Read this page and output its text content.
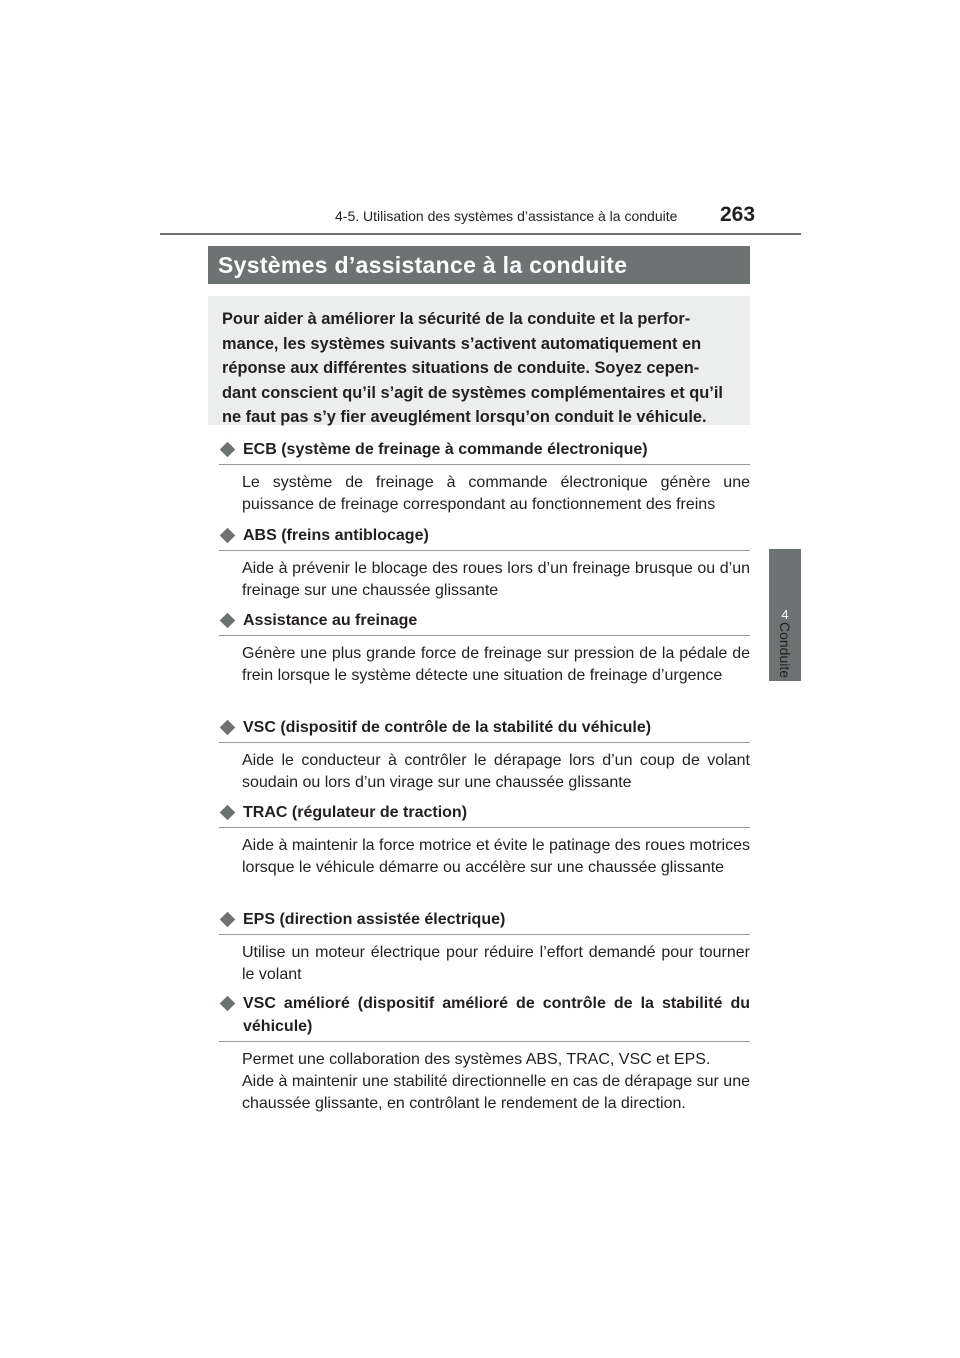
4-5. Utilisation des systèmes d’assistance à la conduite 263
4
Conduite
Systèmes d’assistance à la conduite
Pour aider à améliorer la sécurité de la conduite et la perfor-
mance, les systèmes suivants s’activent automatiquement en
réponse aux différentes situations de conduite. Soyez cepen-
dant conscient qu’il s’agit de systèmes complémentaires et qu’il
ne faut pas s’y fier aveuglément lorsqu’on conduit le véhicule.
ECB (système de freinage à commande électronique)
Le système de freinage à commande électronique génère une puissance de freinage correspondant au fonctionnement des freins
ABS (freins antiblocage)
Aide à prévenir le blocage des roues lors d’un freinage brusque ou d’un freinage sur une chaussée glissante
Assistance au freinage
Génère une plus grande force de freinage sur pression de la pédale de frein lorsque le système détecte une situation de freinage d’urgence
VSC (dispositif de contrôle de la stabilité du véhicule)
Aide le conducteur à contrôler le dérapage lors d’un coup de volant soudain ou lors d’un virage sur une chaussée glissante
TRAC (régulateur de traction)
Aide à maintenir la force motrice et évite le patinage des roues motrices lorsque le véhicule démarre ou accélère sur une chaussée glissante
EPS (direction assistée électrique)
Utilise un moteur électrique pour réduire l’effort demandé pour tourner le volant
VSC amélioré (dispositif amélioré de contrôle de la stabilité du véhicule)
Permet une collaboration des systèmes ABS, TRAC, VSC et EPS.
Aide à maintenir une stabilité directionnelle en cas de dérapage sur une chaussée glissante, en contrôlant le rendement de la direction.
